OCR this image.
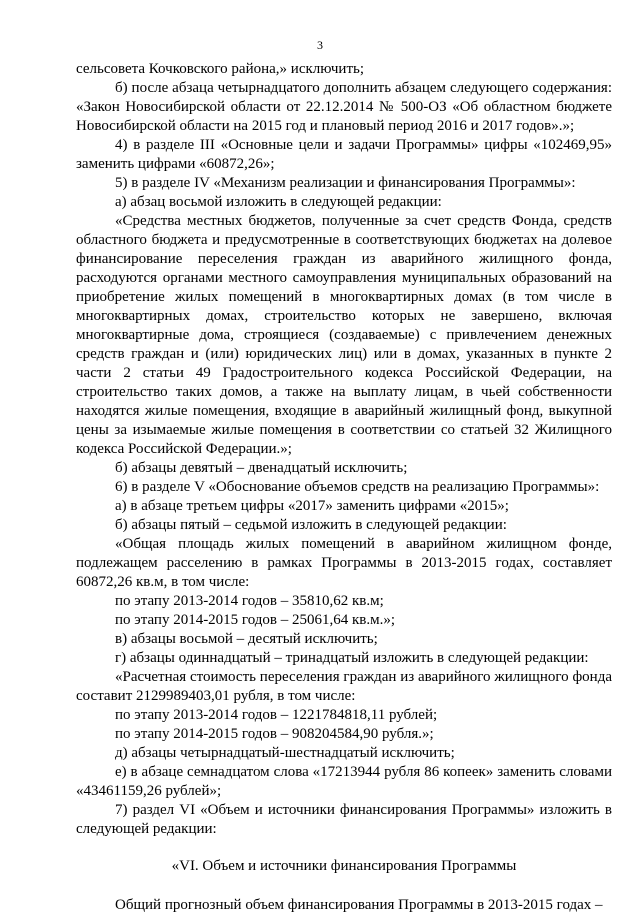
3

сельсовета Кочковского района,» исключить;

б) после абзаца четырнадцатого дополнить абзацем следующего содержания: «Закон Новосибирской области от 22.12.2014 № 500-ОЗ «Об областном бюджете Новосибирской области на 2015 год и плановый период 2016 и 2017 годов».»;

4) в разделе III «Основные цели и задачи Программы» цифры «102469,95» заменить цифрами «60872,26»;

5) в разделе IV «Механизм реализации и финансирования Программы»:

а) абзац восьмой изложить в следующей редакции:

«Средства местных бюджетов, полученные за счет средств Фонда, средств областного бюджета и предусмотренные в соответствующих бюджетах на долевое финансирование переселения граждан из аварийного жилищного фонда, расходуются органами местного самоуправления муниципальных образований на приобретение жилых помещений в многоквартирных домах (в том числе в многоквартирных домах, строительство которых не завершено, включая многоквартирные дома, строящиеся (создаваемые) с привлечением денежных средств граждан и (или) юридических лиц) или в домах, указанных в пункте 2 части 2 статьи 49 Градостроительного кодекса Российской Федерации, на строительство таких домов, а также на выплату лицам, в чьей собственности находятся жилые помещения, входящие в аварийный жилищный фонд, выкупной цены за изымаемые жилые помещения в соответствии со статьей 32 Жилищного кодекса Российской Федерации.»;

б) абзацы девятый – двенадцатый исключить;

6) в разделе V «Обоснование объемов средств на реализацию Программы»:

а) в абзаце третьем цифры «2017» заменить цифрами «2015»;

б) абзацы пятый – седьмой изложить в следующей редакции:

«Общая площадь жилых помещений в аварийном жилищном фонде, подлежащем расселению в рамках Программы в 2013-2015 годах, составляет 60872,26 кв.м, в том числе:

по этапу 2013-2014 годов – 35810,62 кв.м;

по этапу 2014-2015 годов – 25061,64 кв.м.»;

в) абзацы восьмой – десятый исключить;

г) абзацы одиннадцатый – тринадцатый изложить в следующей редакции:

«Расчетная стоимость переселения граждан из аварийного жилищного фонда составит 2129989403,01 рубля, в том числе:

по этапу 2013-2014 годов – 1221784818,11 рублей;

по этапу 2014-2015 годов – 908204584,90 рубля.»;

д) абзацы четырнадцатый-шестнадцатый исключить;

е) в абзаце семнадцатом слова «17213944 рубля 86 копеек» заменить словами «43461159,26 рублей»;

7) раздел VI «Объем и источники финансирования Программы» изложить в следующей редакции:

«VI. Объем и источники финансирования Программы

Общий прогнозный объем финансирования Программы в 2013-2015 годах –
